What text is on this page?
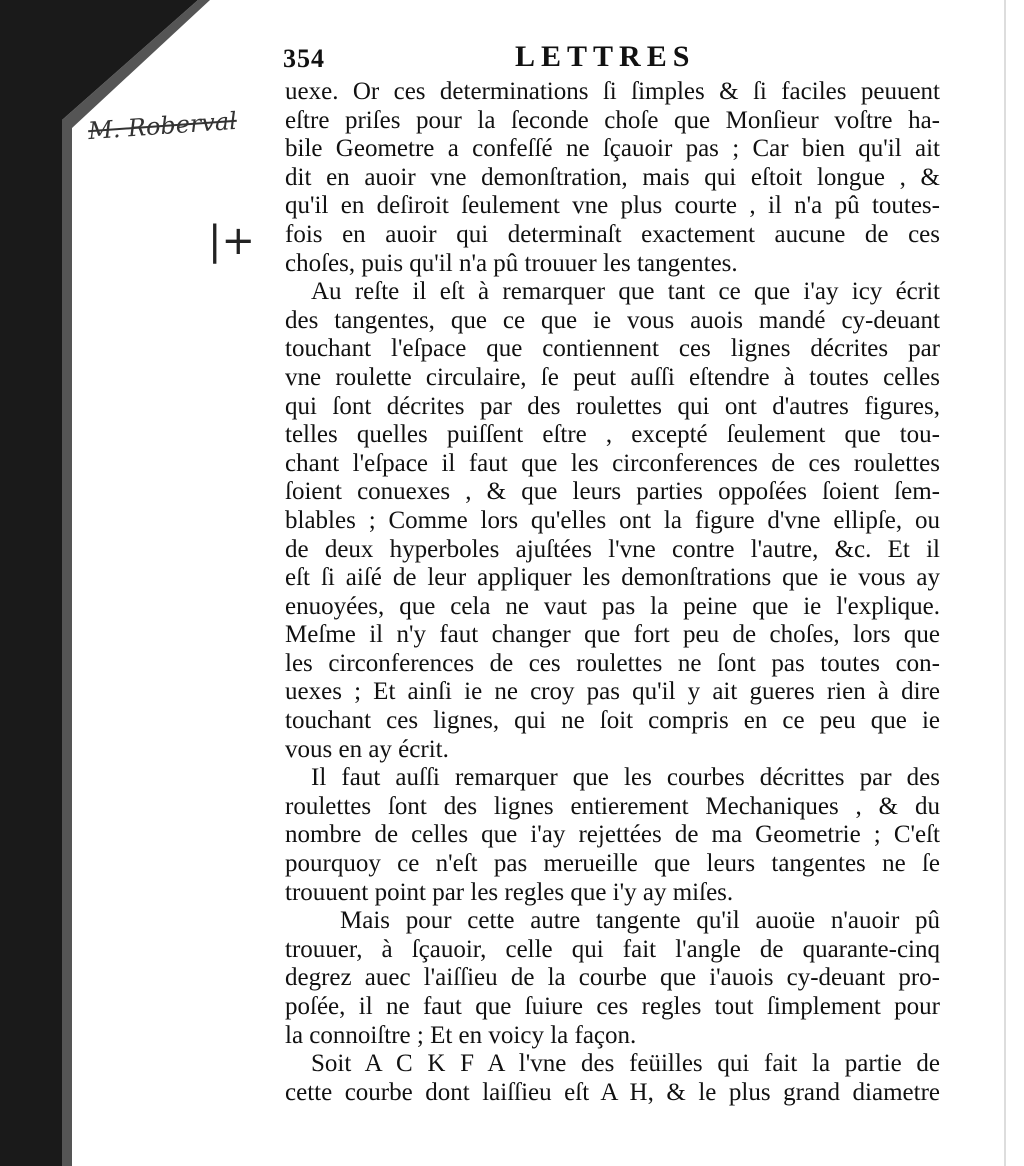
354	LETTRES
M. Roberval
|+
uexe. Or ces determinations ſi ſimples & ſi faciles peuuent
eſtre priſes pour la ſeconde choſe que Monſieur voſtre ha-
bile Geometre a confeſſé ne ſçauoir pas ; Car bien qu'il ait
dit en auoir vne demonſtration, mais qui eſtoit longue , &
qu'il en deſiroit ſeulement vne plus courte , il n'a pû toutes-
fois en auoir qui determinaſt exactement aucune de ces
choſes, puis qu'il n'a pû trouuer les tangentes.
Au reſte il eſt à remarquer que tant ce que i'ay icy écrit
des tangentes, que ce que ie vous auois mandé cy-deuant
touchant l'eſpace que contiennent ces lignes décrites par
vne roulette circulaire, ſe peut auſſi eſtendre à toutes celles
qui ſont décrites par des roulettes qui ont d'autres figures,
telles quelles puiſſent eſtre , excepté ſeulement que tou-
chant l'eſpace il faut que les circonferences de ces roulettes
ſoient conuexes , & que leurs parties oppoſées ſoient ſem-
blables ; Comme lors qu'elles ont la figure d'vne ellipſe, ou
de deux hyperboles ajuſtées l'vne contre l'autre, &c. Et il
eſt ſi aiſé de leur appliquer les demonſtrations que ie vous ay
enuoyées, que cela ne vaut pas la peine que ie l'explique.
Meſme il n'y faut changer que fort peu de choſes, lors que
les circonferences de ces roulettes ne ſont pas toutes con-
uexes ; Et ainſi ie ne croy pas qu'il y ait gueres rien à dire
touchant ces lignes, qui ne ſoit compris en ce peu que ie
vous en ay écrit.
Il faut auſſi remarquer que les courbes décrittes par des
roulettes ſont des lignes entierement Mechaniques , & du
nombre de celles que i'ay rejettées de ma Geometrie ; C'eſt
pourquoy ce n'eſt pas merueille que leurs tangentes ne ſe
trouuent point par les regles que i'y ay miſes.
Mais pour cette autre tangente qu'il auoüe n'auoir pû
trouuer, à ſçauoir, celle qui fait l'angle de quarante-cinq
degrez auec l'aiſſieu de la courbe que i'auois cy-deuant pro-
poſée, il ne faut que ſuiure ces regles tout ſimplement pour
la connoiſtre ; Et en voicy la façon.
Soit A C K F A l'vne des feüilles qui fait la partie de
cette courbe dont laiſſieu eſt A H, & le plus grand diametre
